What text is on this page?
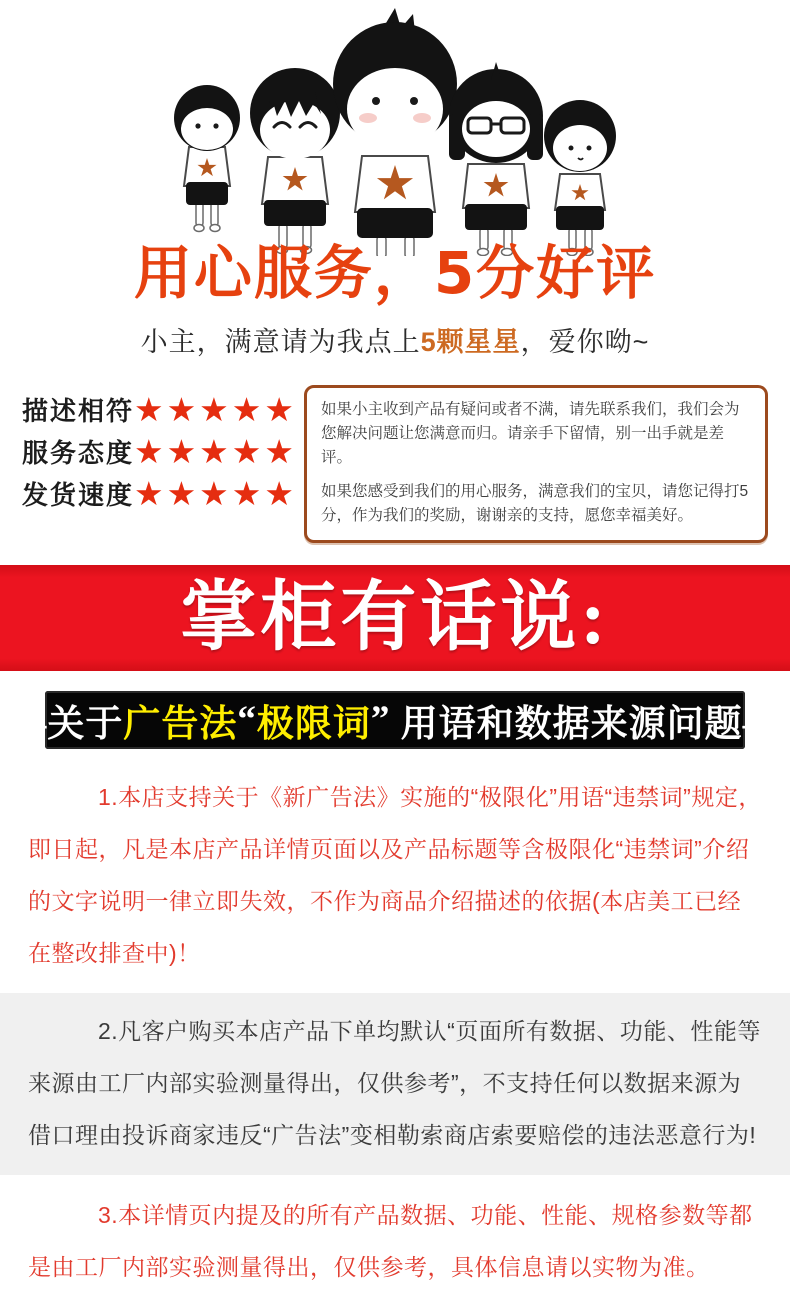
用心服务，5分好评
小主，满意请为我点上5颗星星，爱你呦~
描述相符 ★★★★★
服务态度 ★★★★★
发货速度 ★★★★★

如果小主收到产品有疑问或者不满，请先联系我们，我们会为您解决问题让您满意而归。请亲手下留情，别一出手就是差评。

如果您感受到我们的用心服务，满意我们的宝贝，请您记得打5分，作为我们的奖励，谢谢亲的支持，愿您幸福美好。

掌柜有话说:
—关于 广告法 “ 极限词 ” 用语和数据来源问题—

1.本店支持关于《新广告法》实施的“极限化”用语“违禁词”规定，即日起，凡是本店产品详情页面以及产品标题等含极限化“违禁词”介绍的文字说明一律立即失效，不作为商品介绍描述的依据(本店美工已经在整改排查中)！

2.凡客户购买本店产品下单均默认“页面所有数据、功能、性能等来源由工厂内部实验测量得出，仅供参考”，不支持任何以数据来源为借口理由投诉商家违反“广告法”变相勒索商店索要赔偿的违法恶意行为!

3.本详情页内提及的所有产品数据、功能、性能、规格参数等都是由工厂内部实验测量得出，仅供参考，具体信息请以实物为准。
